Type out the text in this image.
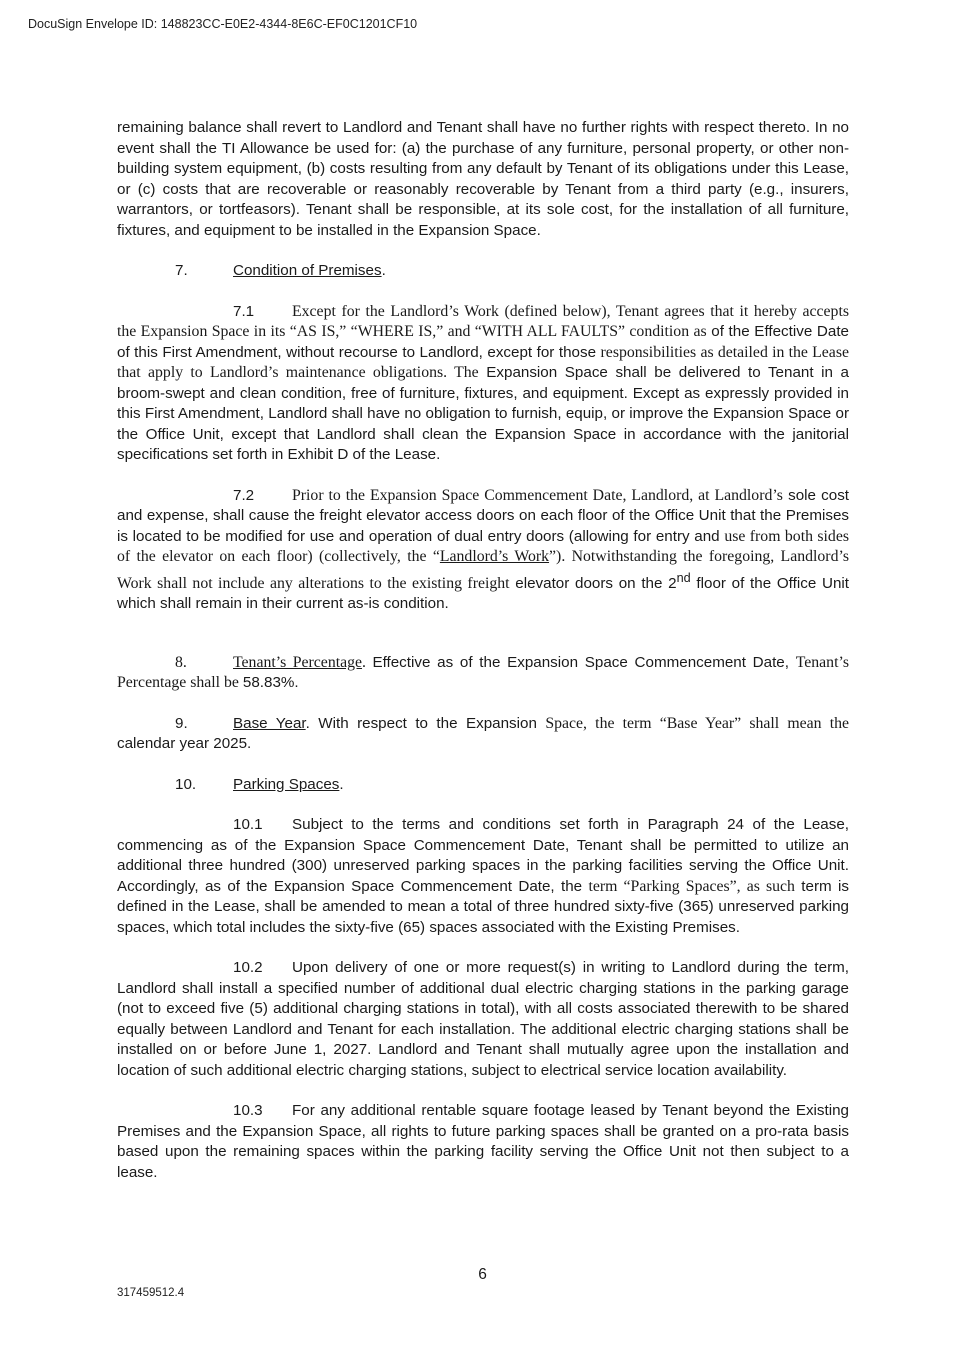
DocuSign Envelope ID: 148823CC-E0E2-4344-8E6C-EF0C1201CF10

remaining balance shall revert to Landlord and Tenant shall have no further rights with respect thereto. In no event shall the TI Allowance be used for: (a) the purchase of any furniture, personal property, or other non-building system equipment, (b) costs resulting from any default by Tenant of its obligations under this Lease, or (c) costs that are recoverable or reasonably recoverable by Tenant from a third party (e.g., insurers, warrantors, or tortfeasors). Tenant shall be responsible, at its sole cost, for the installation of all furniture, fixtures, and equipment to be installed in the Expansion Space.

7.	Condition of Premises.

7.1 Except for the Landlord’s Work (defined below), Tenant agrees that it hereby accepts the Expansion Space in its “AS IS,” “WHERE IS,” and “WITH ALL FAULTS” condition as of the Effective Date of this First Amendment, without recourse to Landlord, except for those responsibilities as detailed in the Lease that apply to Landlord’s maintenance obligations. The Expansion Space shall be delivered to Tenant in a broom-swept and clean condition, free of furniture, fixtures, and equipment. Except as expressly provided in this First Amendment, Landlord shall have no obligation to furnish, equip, or improve the Expansion Space or the Office Unit, except that Landlord shall clean the Expansion Space in accordance with the janitorial specifications set forth in Exhibit D of the Lease.

7.2 Prior to the Expansion Space Commencement Date, Landlord, at Landlord’s sole cost and expense, shall cause the freight elevator access doors on each floor of the Office Unit that the Premises is located to be modified for use and operation of dual entry doors (allowing for entry and use from both sides of the elevator on each floor) (collectively, the “Landlord’s Work”). Notwithstanding the foregoing, Landlord’s Work shall not include any alterations to the existing freight elevator doors on the 2nd floor of the Office Unit which shall remain in their current as-is condition.

8.	Tenant’s Percentage. Effective as of the Expansion Space Commencement Date, Tenant’s Percentage shall be 58.83%.

9.	Base Year. With respect to the Expansion Space, the term “Base Year” shall mean the calendar year 2025.

10. Parking Spaces.

10.1 Subject to the terms and conditions set forth in Paragraph 24 of the Lease, commencing as of the Expansion Space Commencement Date, Tenant shall be permitted to utilize an additional three hundred (300) unreserved parking spaces in the parking facilities serving the Office Unit. Accordingly, as of the Expansion Space Commencement Date, the term “Parking Spaces”, as such term is defined in the Lease, shall be amended to mean a total of three hundred sixty-five (365) unreserved parking spaces, which total includes the sixty-five (65) spaces associated with the Existing Premises.

10.2 Upon delivery of one or more request(s) in writing to Landlord during the term, Landlord shall install a specified number of additional dual electric charging stations in the parking garage (not to exceed five (5) additional charging stations in total), with all costs associated therewith to be shared equally between Landlord and Tenant for each installation. The additional electric charging stations shall be installed on or before June 1, 2027. Landlord and Tenant shall mutually agree upon the installation and location of such additional electric charging stations, subject to electrical service location availability.

10.3 For any additional rentable square footage leased by Tenant beyond the Existing Premises and the Expansion Space, all rights to future parking spaces shall be granted on a pro-rata basis based upon the remaining spaces within the parking facility serving the Office Unit not then subject to a lease.

6
317459512.4
